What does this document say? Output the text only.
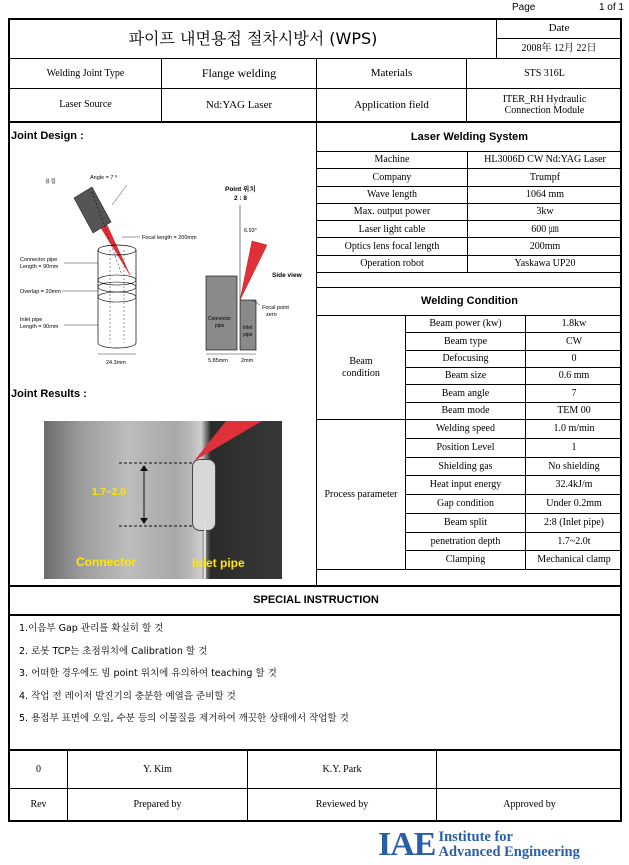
Page	1 of 1
파이프 내면용접 절차시방서 (WPS)
Date
2008年 12月 22日
Welding Joint Type	Flange welding	Materials	STS 316L
Laser Source	Nd:YAG Laser	Application field	ITER_RH Hydraulic
Connection Module
Joint Design :
용접
Angle = 7 º
Focal length = 200mm
24.3mm
Connector pipe
Length = 90mm
Overlap = 20mm
Inlet pipe
Length = 90mm
Point 위치
2 : 8
6.93°
Side view
Connector
pipe	Inlet
pipe
Focal point
zero
5.85mm 2mm
Joint Results :
1.7~2.0
Connector	Inlet pipe
Laser Welding System
Machine	HL3006D CW Nd:YAG Laser
Company	Trumpf
Wave length	1064 mm
Max. output power	3kw
Laser light cable	600 ㎛
Optics lens focal length	200mm
Operation robot	Yaskawa UP20
Welding Condition
Beam power (kw)	1.8kw
Beam type	CW
Defocusing	0
Beam size	0.6 mm
Beam angle	7
Beam mode	TEM 00
Welding speed	1.0 m/min
Position Level	1
Shielding gas	No shielding
Heat input energy	32.4kJ/m
Gap condition	Under 0.2mm
Beam split	2:8 (Inlet pipe)
penetration depth	1.7~2.0t
Clamping	Mechanical clamp
Beam
condition
Process parameter
SPECIAL INSTRUCTION
1.이음부 Gap 관리를 확실히 할 것
2. 로봇 TCP는 초점위치에 Calibration 할 것
3. 어떠한 경우에도 빔 point 위치에 유의하여 teaching 할 것
4. 작업 전 레이저 발진기의 충분한 예열을 준비할 것
5. 용접부 표면에 오일, 수분 등의 이물질을 제거하여 깨끗한 상태에서 작업할 것
0	Y. Kim	K.Y. Park
Rev	Prepared by	Reviewed by	Approved by
IAE Institute for
Advanced Engineering
